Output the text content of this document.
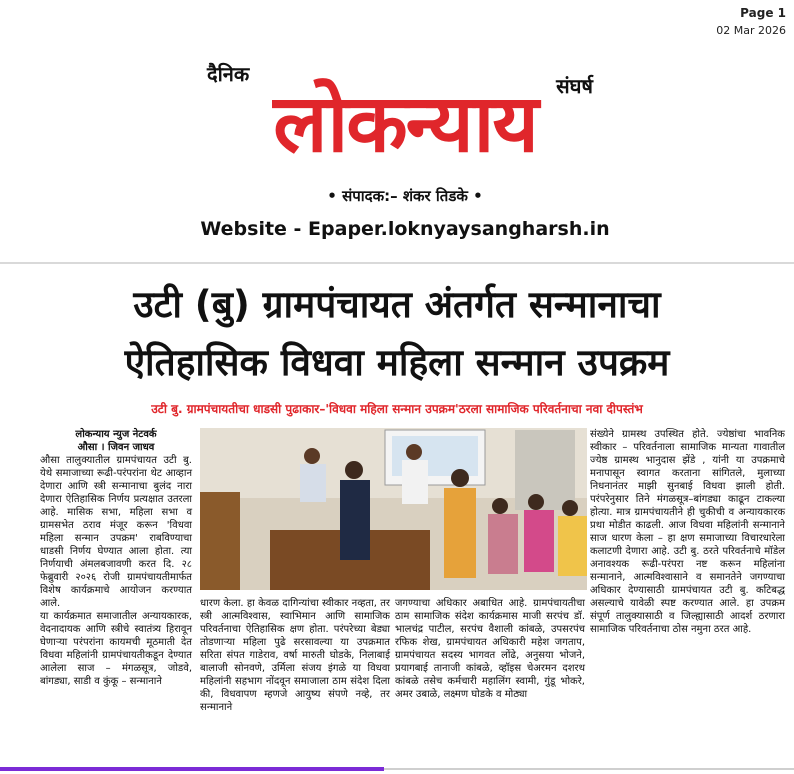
Page 1
02 Mar 2026
दैनिक	संघर्ष
लोकन्याय
• संपादक:– शंकर तिडके •
Website - Epaper.loknyaysangharsh.in
उटी (बु) ग्रामपंचायत अंतर्गत सन्मानाचा
ऐतिहासिक विधवा महिला सन्मान उपक्रम
उटी बु. ग्रामपंचायतीचा धाडसी पुढाकार–'विधवा महिला सन्मान उपक्रम'ठरला सामाजिक परिवर्तनाचा नवा दीपस्तंभ
लोकन्याय न्युज नेटवर्क
औसा । जिवन जाधव

औसा तालुक्यातील ग्रामपंचायत उटी बु. येथे समाजाच्या रूढी-परंपरांना थेट आव्हान देणारा आणि स्त्री सन्मानाचा बुलंद नारा देणारा ऐतिहासिक निर्णय प्रत्यक्षात उतरला आहे. मासिक सभा, महिला सभा व ग्रामसभेत ठराव मंजूर करून 'विधवा महिला सन्मान उपक्रम' राबविण्याचा धाडसी निर्णय घेण्यात आला होता. त्या निर्णयाची अंमलबजावणी करत दि. २८ फेब्रुवारी २०२६ रोजी ग्रामपंचायतीमार्फत विशेष कार्यक्रमाचे आयोजन करण्यात आले.

या कार्यक्रमात समाजातील अन्यायकारक, वेदनादायक आणि स्त्रीचे स्वातंत्र्य हिरावून घेणाऱ्या परंपरांना कायमची मूठमाती देत विधवा महिलांनी ग्रामपंचायतीकडून देण्यात आलेला साज – मंगळसूत्र, जोडवे, बांगड्या, साडी व कुंकू – सन्मानाने

धारण केला. हा केवळ दागिन्यांचा स्वीकार नव्हता, तर स्त्री आत्मविश्वास, स्वाभिमान आणि सामाजिक परिवर्तनाचा ऐतिहासिक क्षण होता. परंपरेच्या बेड्या तोडणाऱ्या महिला पुढे सरसावल्या या उपक्रमात सरिता संपत गाडेराव, वर्षा मारुती घोडके, निलाबाई बालाजी सोनवणे, उर्मिला संजय इंगळे या विधवा महिलांनी सहभाग नोंदवून समाजाला ठाम संदेश दिला की, विधवापण म्हणजे आयुष्य संपणे नव्हे, तर सन्मानाने
जगण्याचा अधिकार अबाधित आहे. ग्रामपंचायतीचा ठाम सामाजिक संदेश कार्यक्रमास माजी सरपंच डॉ. भालचंद्र पाटील, सरपंच वैशाली कांबळे, उपसरपंच रफिक शेख, ग्रामपंचायत अधिकारी महेश जगताप, ग्रामपंचायत सदस्य भागवत लोंढे, अनुसया भोजने, प्रयागबाई तानाजी कांबळे, व्हॉइस चेअरमन दशरथ कांबळे तसेच कर्मचारी महालिंग स्वामी, गुंडू भोकरे, अमर उबाळे, लक्ष्मण घोडके व मोठ्या
संख्येने ग्रामस्थ उपस्थित होते. ज्येष्ठांचा भावनिक स्वीकार – परिवर्तनाला सामाजिक मान्यता गावातील ज्येष्ठ ग्रामस्थ भानुदास झेंडे , यांनी या उपक्रमाचे मनापासून स्वागत करताना सांगितले, मुलाच्या निधनानंतर माझी सुनबाई विधवा झाली होती. परंपरेनुसार तिने मंगळसूत्र–बांगड्या काढून टाकल्या होत्या. मात्र ग्रामपंचायतीने ही चुकीची व अन्यायकारक प्रथा मोडीत काढली. आज विधवा महिलांनी सन्मानाने साज धारण केला – हा क्षण समाजाच्या विचारधारेला कलाटणी देणारा आहे. उटी बु. ठरते परिवर्तनाचे मॉडेल अनावश्यक रूढी-परंपरा नष्ट करून महिलांना सन्मानाने, आत्मविश्वासाने व समानतेने जगण्याचा अधिकार देण्यासाठी ग्रामपंचायत उटी बु. कटिबद्ध असल्याचे यावेळी स्पष्ट करण्यात आले. हा उपक्रम संपूर्ण तालुक्यासाठी व जिल्ह्यासाठी आदर्श ठरणारा सामाजिक परिवर्तनाचा ठोस नमुना ठरत आहे.
